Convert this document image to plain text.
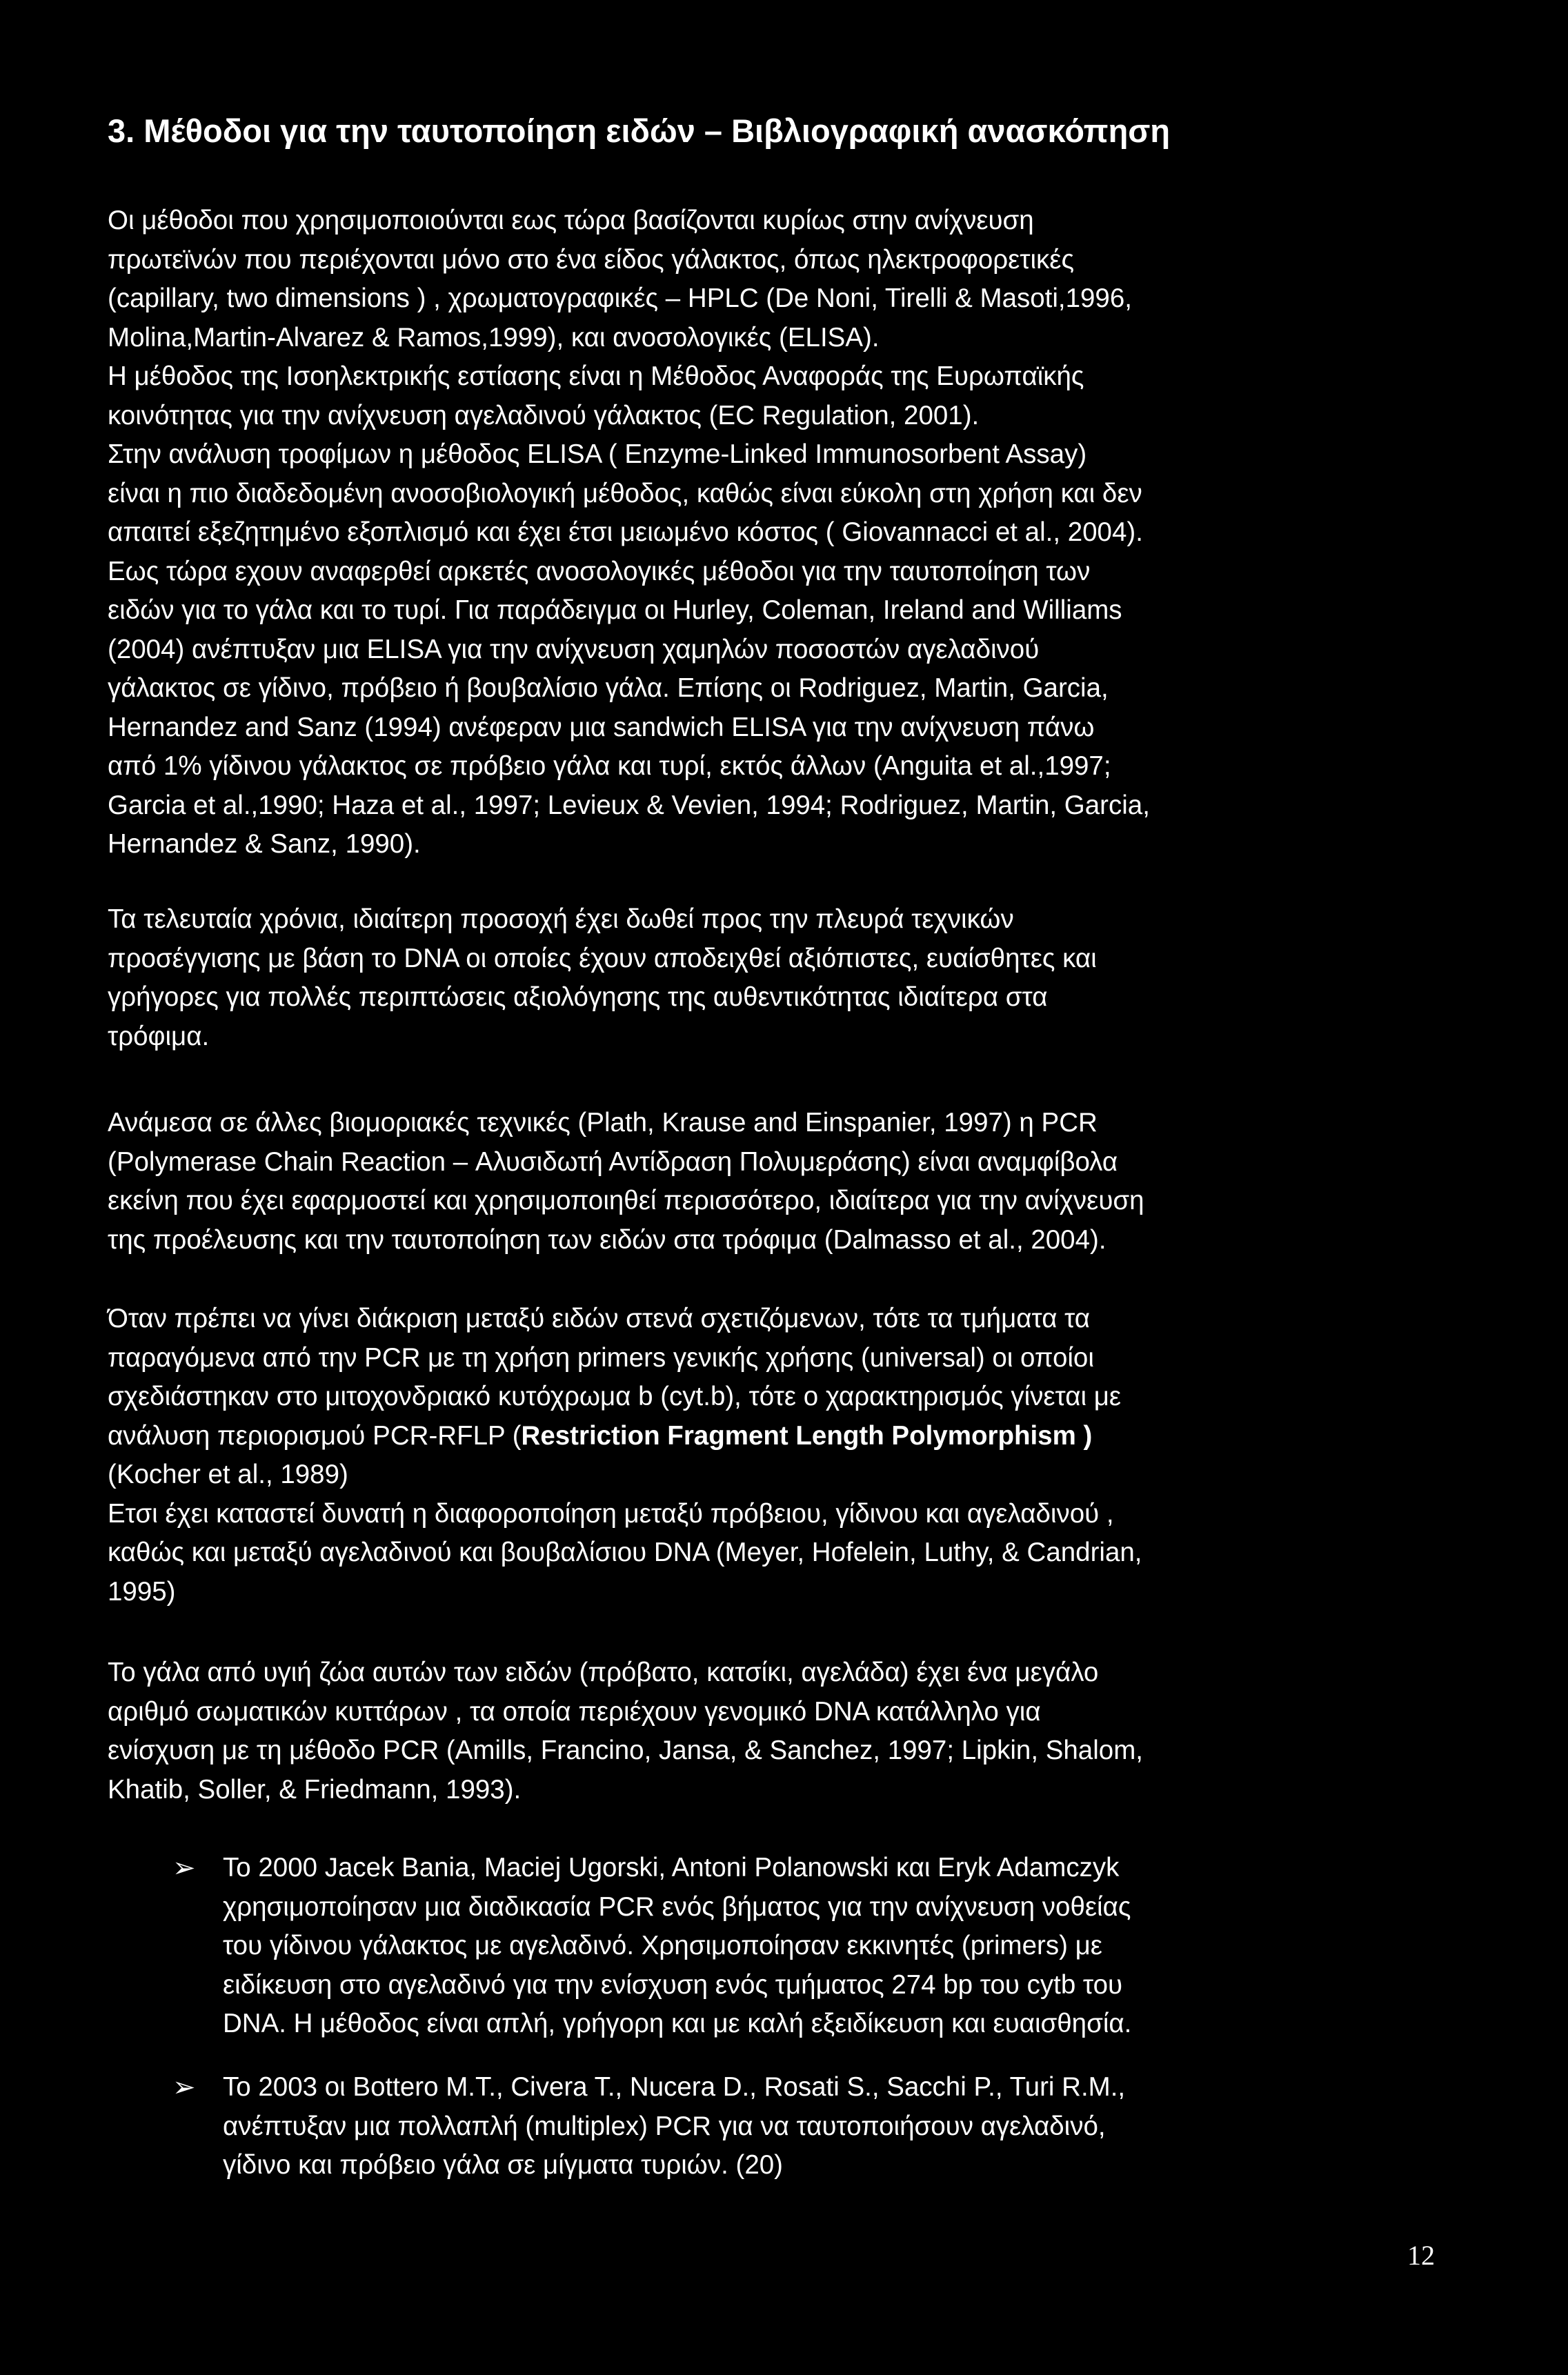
3. Μέθοδοι για την ταυτοποίηση ειδών – Βιβλιογραφική ανασκόπηση
Οι μέθοδοι που χρησιμοποιούνται εως τώρα βασίζονται κυρίως στην ανίχνευση
πρωτεϊνών που περιέχονται μόνο στο ένα είδος γάλακτος, όπως ηλεκτροφορετικές
(capillary, two dimensions ) , χρωματογραφικές – HPLC (De Noni, Tirelli & Masoti,1996,
Molina,Martin-Alvarez & Ramos,1999), και ανοσολογικές (ELISA).
Η μέθοδος της Ισοηλεκτρικής εστίασης είναι η Μέθοδος Αναφοράς της Ευρωπαϊκής
κοινότητας για την ανίχνευση αγελαδινού γάλακτος (EC Regulation, 2001).
Στην ανάλυση τροφίμων η μέθοδος ELISA ( Enzyme-Linked Immunosorbent Assay)
είναι η πιο διαδεδομένη ανοσοβιολογική μέθοδος, καθώς είναι εύκολη στη χρήση και δεν
απαιτεί εξεζητημένο εξοπλισμό και έχει έτσι μειωμένο κόστος ( Giovannacci et al., 2004).
Εως τώρα εχουν αναφερθεί αρκετές ανοσολογικές μέθοδοι για την ταυτοποίηση των
ειδών για το γάλα και το τυρί. Για παράδειγμα οι Hurley, Coleman, Ireland and Williams
(2004) ανέπτυξαν μια ELISA για την ανίχνευση χαμηλών ποσοστών αγελαδινού
γάλακτος σε γίδινο, πρόβειο ή βουβαλίσιο γάλα. Επίσης οι Rodriguez, Martin, Garcia,
Hernandez and Sanz (1994) ανέφεραν μια sandwich ELISA για την ανίχνευση πάνω
από 1% γίδινου γάλακτος σε πρόβειο γάλα και τυρί, εκτός άλλων (Anguita et al.,1997;
Garcia et al.,1990; Haza et al., 1997; Levieux & Vevien, 1994; Rodriguez, Martin, Garcia,
Hernandez & Sanz, 1990).
Τα τελευταία χρόνια, ιδιαίτερη προσοχή έχει δωθεί προς την πλευρά τεχνικών
προσέγγισης με βάση το DNA οι οποίες έχουν αποδειχθεί αξιόπιστες, ευαίσθητες και
γρήγορες για πολλές περιπτώσεις αξιολόγησης της αυθεντικότητας ιδιαίτερα στα
τρόφιμα.
Ανάμεσα σε άλλες βιομοριακές τεχνικές (Plath, Krause and Einspanier, 1997) η PCR
(Polymerase Chain Reaction – Αλυσιδωτή Αντίδραση Πολυμεράσης) είναι αναμφίβολα
εκείνη που έχει εφαρμοστεί και χρησιμοποιηθεί περισσότερο, ιδιαίτερα για την ανίχνευση
της προέλευσης και την ταυτοποίηση των ειδών στα τρόφιμα (Dalmasso et al., 2004).
Όταν πρέπει να γίνει διάκριση μεταξύ ειδών στενά σχετιζόμενων, τότε τα τμήματα τα
παραγόμενα από την PCR με τη χρήση primers γενικής χρήσης (universal) οι οποίοι
σχεδιάστηκαν στο μιτοχονδριακό κυτόχρωμα b (cyt.b), τότε ο χαρακτηρισμός γίνεται με
ανάλυση περιορισμού PCR-RFLP (Restriction Fragment Length Polymorphism )
(Kocher et al., 1989)
Ετσι έχει καταστεί δυνατή η διαφοροποίηση μεταξύ πρόβειου, γίδινου και αγελαδινού ,
καθώς και μεταξύ αγελαδινού και βουβαλίσιου DNA (Meyer, Hofelein, Luthy, & Candrian,
1995)
Το γάλα από υγιή ζώα αυτών των ειδών (πρόβατο, κατσίκι, αγελάδα) έχει ένα μεγάλο
αριθμό σωματικών κυττάρων , τα οποία περιέχουν γενομικό DNA κατάλληλο για
ενίσχυση με τη μέθοδο PCR (Amills, Francino, Jansa, & Sanchez, 1997; Lipkin, Shalom,
Khatib, Soller, & Friedmann, 1993).
➢ Το 2000 Jacek Bania, Maciej Ugorski, Antoni Polanowski και Eryk Adamczyk
χρησιμοποίησαν μια διαδικασία PCR ενός βήματος για την ανίχνευση νοθείας
του γίδινου γάλακτος με αγελαδινό. Χρησιμοποίησαν εκκινητές (primers) με
ειδίκευση στο αγελαδινό για την ενίσχυση ενός τμήματος 274 bp του cytb του
DNA. Η μέθοδος είναι απλή, γρήγορη και με καλή εξειδίκευση και ευαισθησία.
➢ Το 2003 οι Bottero M.T., Civera T., Nucera D., Rosati S., Sacchi P., Turi R.M.,
ανέπτυξαν μια πολλαπλή (multiplex) PCR για να ταυτοποιήσουν αγελαδινό,
γίδινο και πρόβειο γάλα σε μίγματα τυριών. (20)
12
